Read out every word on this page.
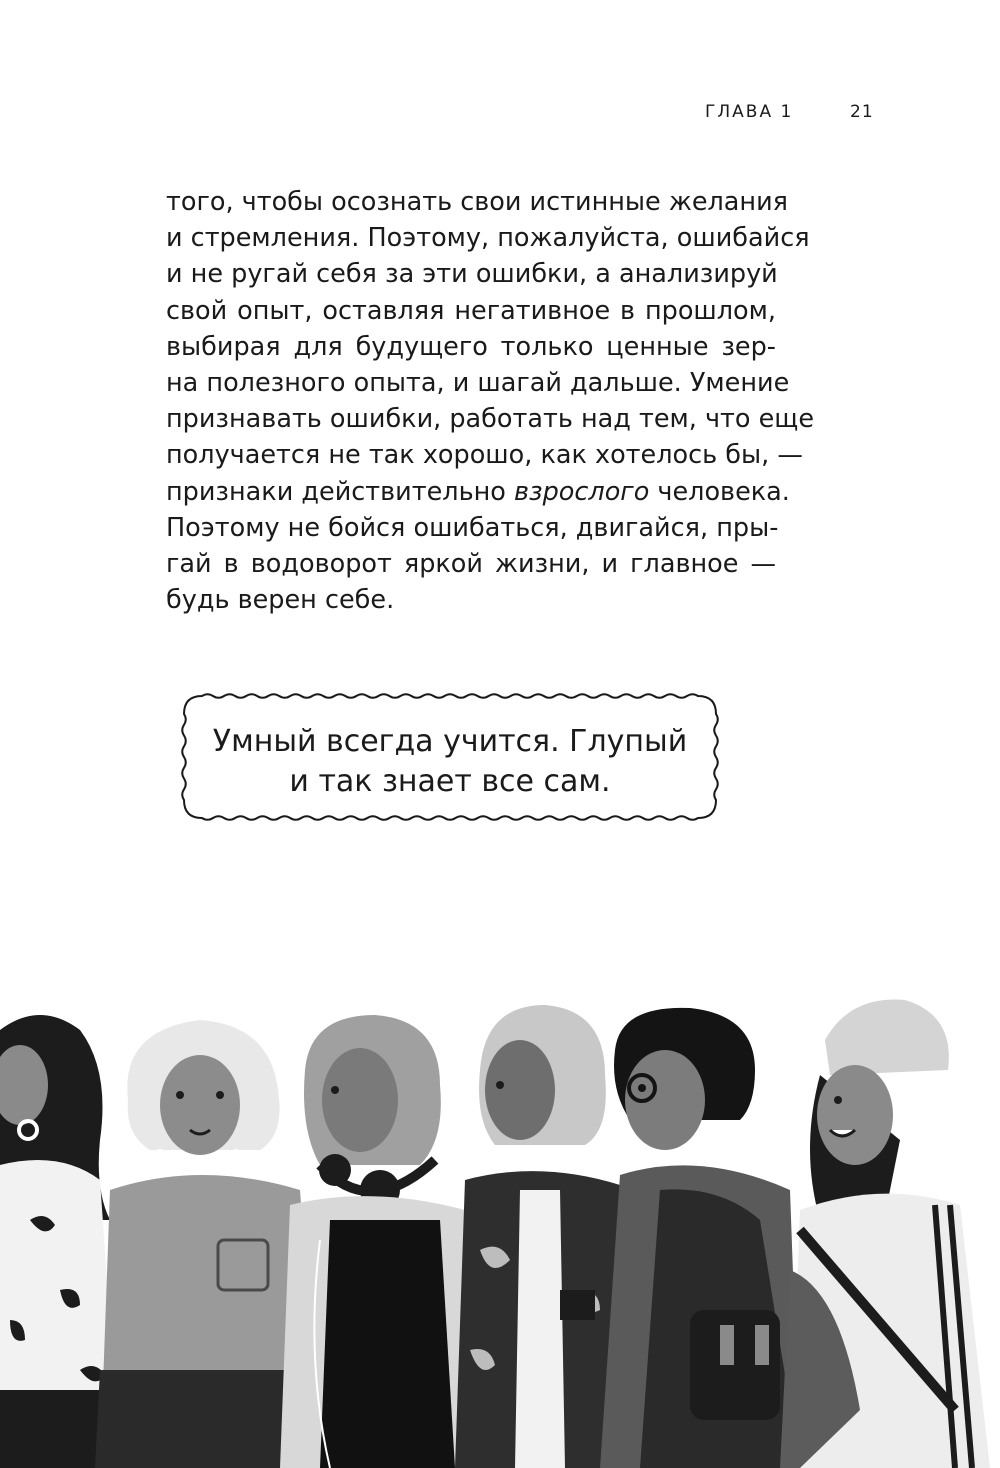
ГЛАВА 1	21
того, чтобы осознать свои истинные желания
и стремления. Поэтому, пожалуйста, ошибайся
и не ругай себя за эти ошибки, а анализируй
свой опыт, оставляя негативное в прошлом,
выбирая для будущего только ценные зер-
на полезного опыта, и шагай дальше. Умение
признавать ошибки, работать над тем, что еще
получается не так хорошо, как хотелось бы, —
признаки действительно взрослого человека.
Поэтому не бойся ошибаться, двигайся, пры-
гай в водоворот яркой жизни, и главное —
будь верен себе.
Умный всегда учится. Глупый
и так знает все сам.
